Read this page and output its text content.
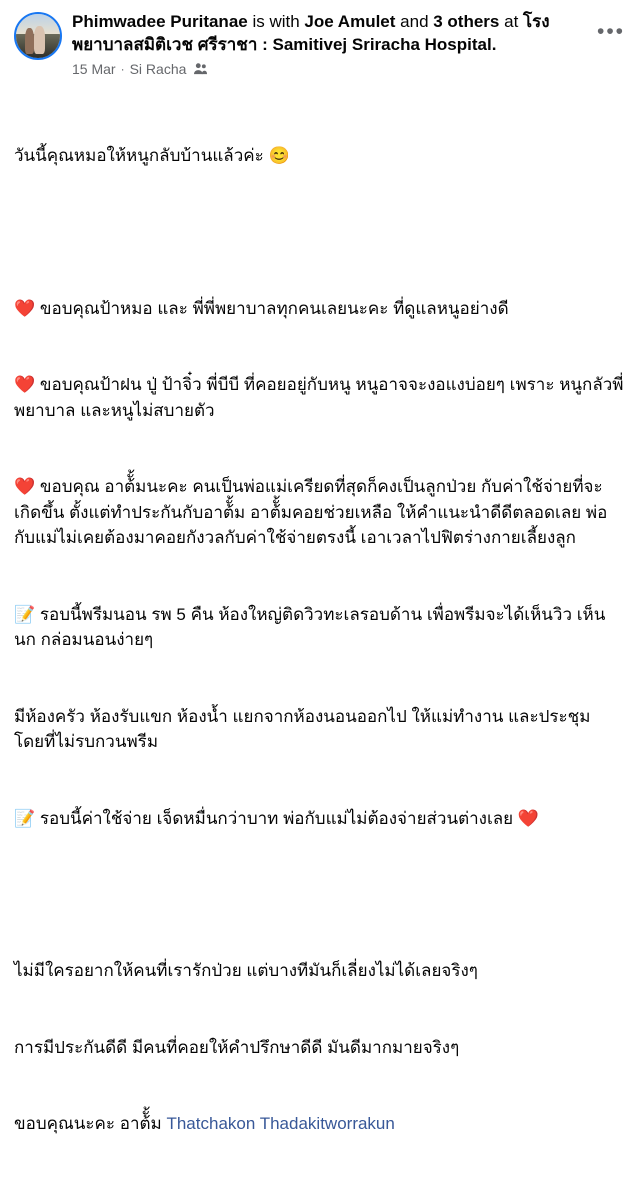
Phimwadee Puritanae is with Joe Amulet and 3 others at โรงพยาบาลสมิติเวช ศรีราชา : Samitivej Sriracha Hospital.
15 Mar · Si Racha
•••

วันนี้คุณหมอให้หนูกลับบ้านแล้วค่ะ 😊

❤️ ขอบคุณป้าหมอ และ พี่พี่พยาบาลทุกคนเลยนะคะ ที่ดูแลหนูอย่างดี

❤️ ขอบคุณป้าฝน ปู่ ป้าจิ๋ว พี่บีบี ที่คอยอยู่กับหนู หนูอาจจะงอแงบ่อยๆ เพราะ หนูกลัวพี่พยาบาล และหนูไม่สบายตัว

❤️ ขอบคุณ อาต้ั้มนะคะ คนเป็นพ่อแม่เครียดที่สุดก็คงเป็นลูกป่วย กับค่าใช้จ่ายที่จะเกิดขึ้น ตั้งแต่ทำประกันกับอาต้ั้ม อาต้ั้มคอยช่วยเหลือ ให้คำแนะนำดีดีตลอดเลย พ่อกับแม่ไม่เคยต้องมาคอยกังวลกับค่าใช้จ่ายตรงนี้ เอาเวลาไปฟิตร่างกายเลี้ยงลูก

📝 รอบนี้พรีมนอน รพ 5 คืน ห้องใหญ่ติดวิวทะเลรอบด้าน เพื่อพรีมจะได้เห็นวิว เห็นนก กล่อมนอนง่ายๆ

มีห้องครัว ห้องรับแขก ห้องน้ำ แยกจากห้องนอนออกไป ให้แม่ทำงาน และประชุม โดยที่ไม่รบกวนพรีม

📝 รอบนี้ค่าใช้จ่าย เจ็ดหมื่นกว่าบาท พ่อกับแม่ไม่ต้องจ่ายส่วนต่างเลย ❤️

ไม่มีใครอยากให้คนที่เรารักป่วย แต่บางทีมันก็เลี่ยงไม่ได้เลยจริงๆ

การมีประกันดีดี มีคนที่คอยให้คำปรึกษาดีดี มันดีมากมายจริงๆ

ขอบคุณนะคะ อาต้ั้ม Thatchakon Thadakitworrakun
